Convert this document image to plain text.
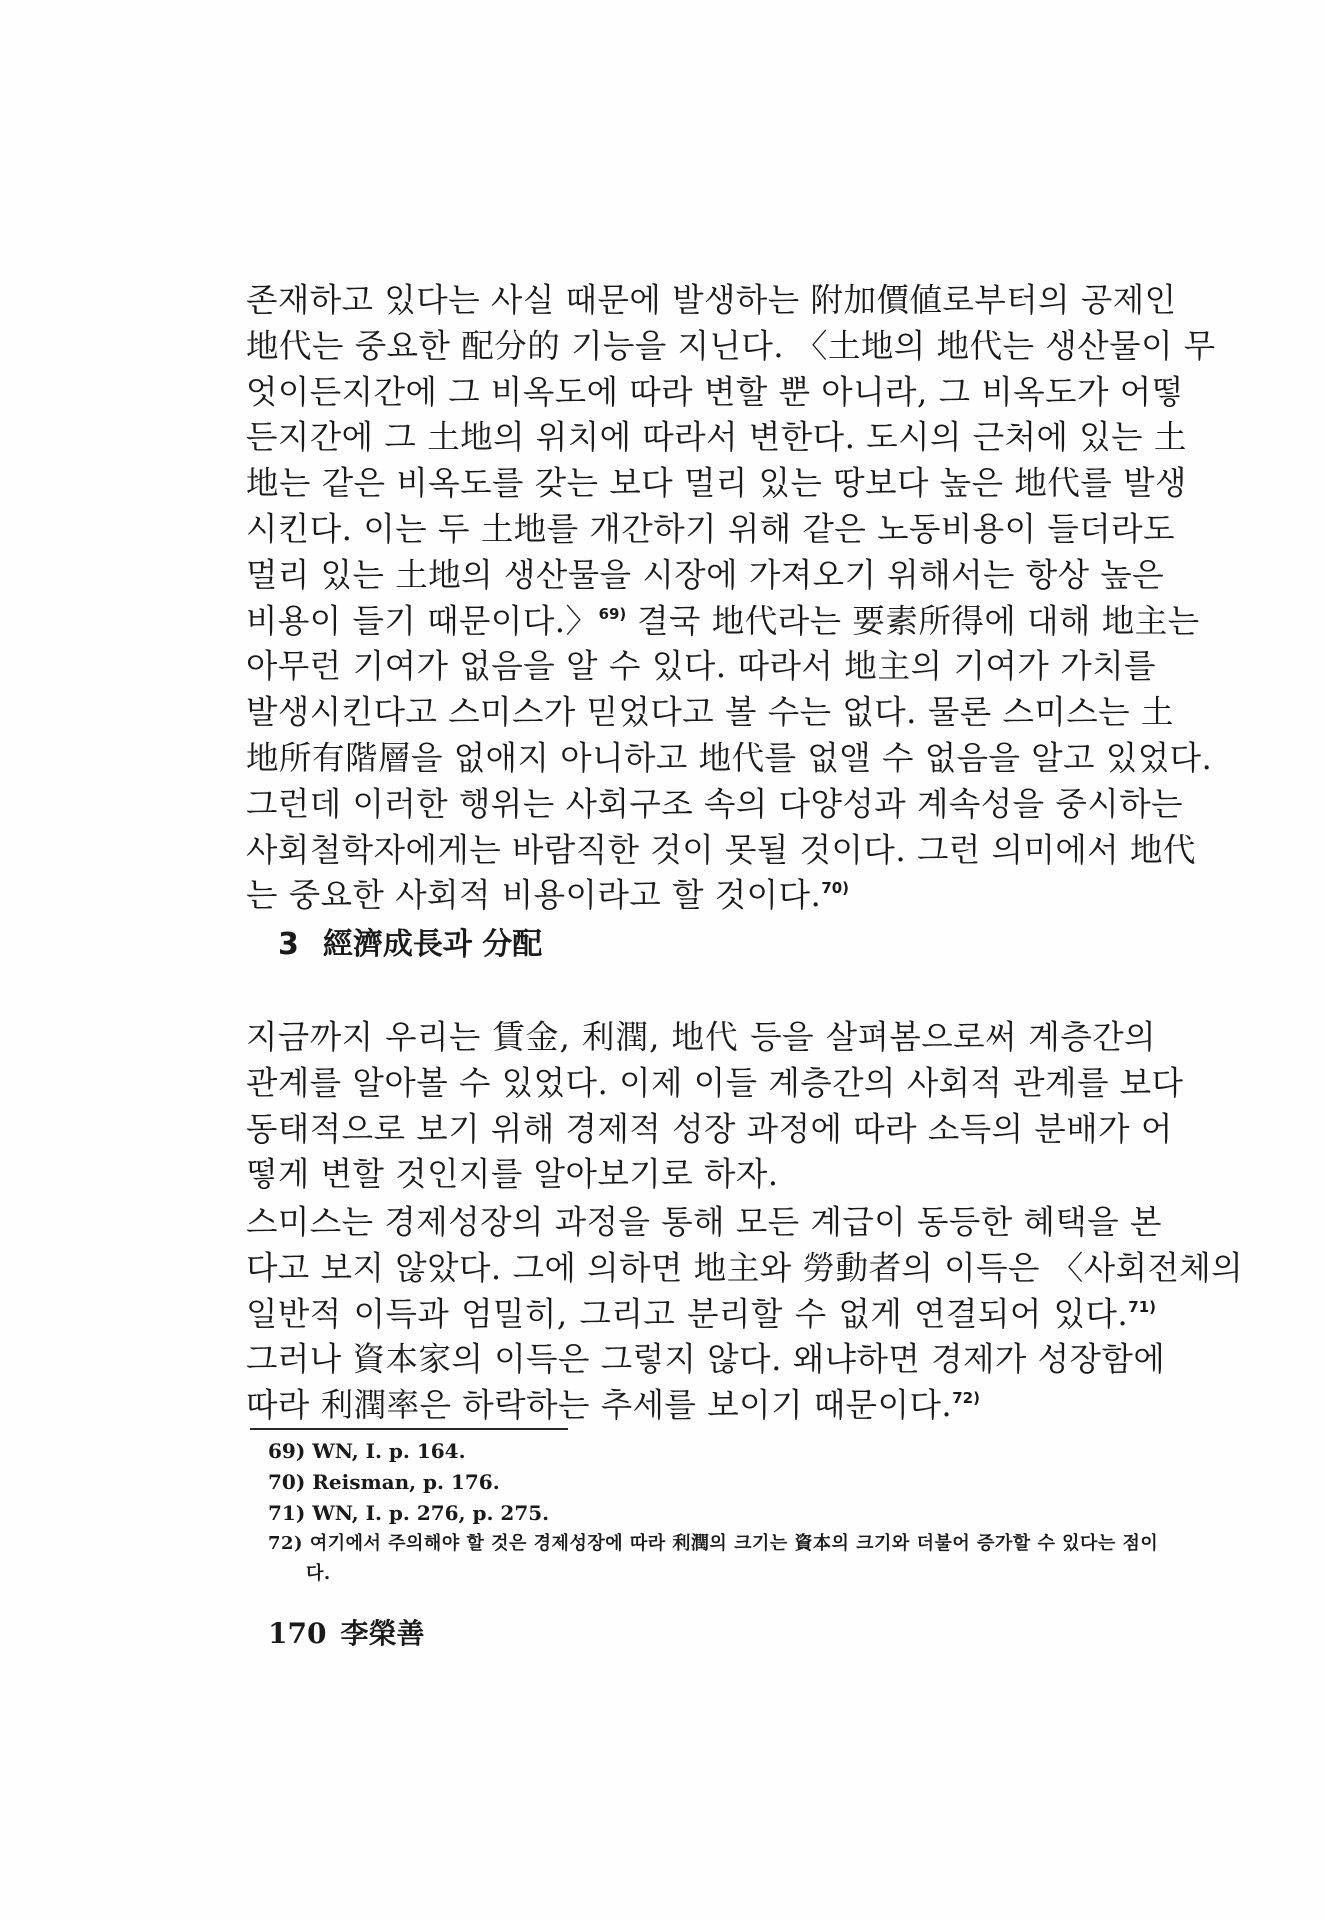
존재하고 있다는 사실 때문에 발생하는 附加價値로부터의 공제인
地代는 중요한 配分的 기능을 지닌다. 〈土地의 地代는 생산물이 무
엇이든지간에 그 비옥도에 따라 변할 뿐 아니라, 그 비옥도가 어떻
든지간에 그 土地의 위치에 따라서 변한다. 도시의 근처에 있는 土
地는 같은 비옥도를 갖는 보다 멀리 있는 땅보다 높은 地代를 발생
시킨다. 이는 두 土地를 개간하기 위해 같은 노동비용이 들더라도
멀리 있는 土地의 생산물을 시장에 가져오기 위해서는 항상 높은
비용이 들기 때문이다.〉$^{69)}$ 결국 地代라는 要素所得에 대해 地主는
아무런 기여가 없음을 알 수 있다. 따라서 地主의 기여가 가치를
발생시킨다고 스미스가 믿었다고 볼 수는 없다. 물론 스미스는 土
地所有階層을 없애지 아니하고 地代를 없앨 수 없음을 알고 있었다.
그런데 이러한 행위는 사회구조 속의 다양성과 계속성을 중시하는
사회철학자에게는 바람직한 것이 못될 것이다. 그런 의미에서 地代
는 중요한 사회적 비용이라고 할 것이다.$^{70)}$
3 經濟成長과 分配
지금까지 우리는 賃金, 利潤, 地代 등을 살펴봄으로써 계층간의
관계를 알아볼 수 있었다. 이제 이들 계층간의 사회적 관계를 보다
동태적으로 보기 위해 경제적 성장 과정에 따라 소득의 분배가 어
떻게 변할 것인지를 알아보기로 하자.
스미스는 경제성장의 과정을 통해 모든 계급이 동등한 혜택을 본
다고 보지 않았다. 그에 의하면 地主와 勞動者의 이득은 〈사회전체의
일반적 이득과 엄밀히, 그리고 분리할 수 없게 연결되어 있다.$^{71)}$
그러나 資本家의 이득은 그렇지 않다. 왜냐하면 경제가 성장함에
따라 利潤率은 하락하는 추세를 보이기 때문이다.$^{72)}$
69) WN, I. p. 164.
70) Reisman, p. 176.
71) WN, I. p. 276, p. 275.
72) 여기에서 주의해야 할 것은 경제성장에 따라 利潤의 크기는 資本의 크기와 더불어 증가할 수 있다는 점이다.
170 李榮善
